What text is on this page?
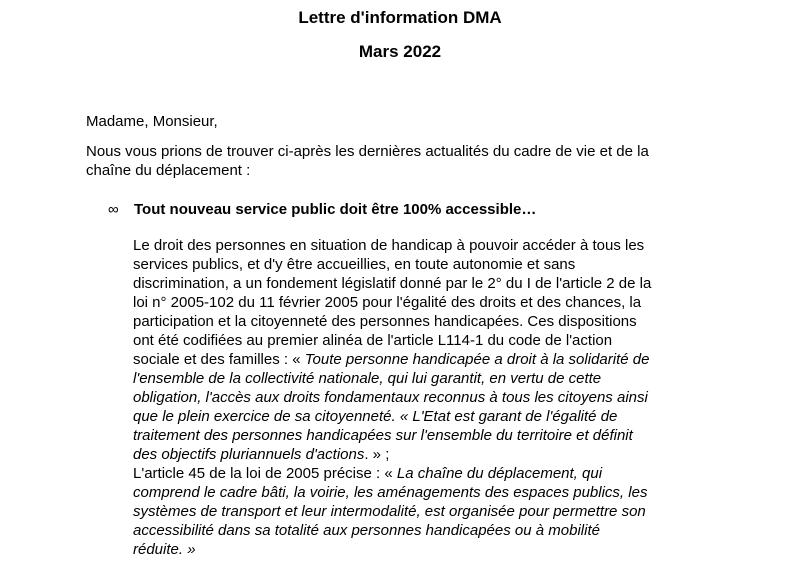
Lettre d'information DMA
Mars 2022
Madame, Monsieur,
Nous vous prions de trouver ci-après les dernières actualités du cadre de vie et de la
chaîne du déplacement :
∞ Tout nouveau service public doit être 100% accessible…
Le droit des personnes en situation de handicap à pouvoir accéder à tous les
services publics, et d'y être accueillies, en toute autonomie et sans
discrimination, a un fondement législatif donné par le 2° du I de l'article 2 de la
loi n° 2005-102 du 11 février 2005 pour l'égalité des droits et des chances, la
participation et la citoyenneté des personnes handicapées. Ces dispositions
ont été codifiées au premier alinéa de l'article L114-1 du code de l'action
sociale et des familles : « Toute personne handicapée a droit à la solidarité de
l'ensemble de la collectivité nationale, qui lui garantit, en vertu de cette
obligation, l'accès aux droits fondamentaux reconnus à tous les citoyens ainsi
que le plein exercice de sa citoyenneté. « L'Etat est garant de l'égalité de
traitement des personnes handicapées sur l'ensemble du territoire et définit
des objectifs pluriannuels d'actions. » ;
L'article 45 de la loi de 2005 précise : « La chaîne du déplacement, qui
comprend le cadre bâti, la voirie, les aménagements des espaces publics, les
systèmes de transport et leur intermodalité, est organisée pour permettre son
accessibilité dans sa totalité aux personnes handicapées ou à mobilité
réduite. »
